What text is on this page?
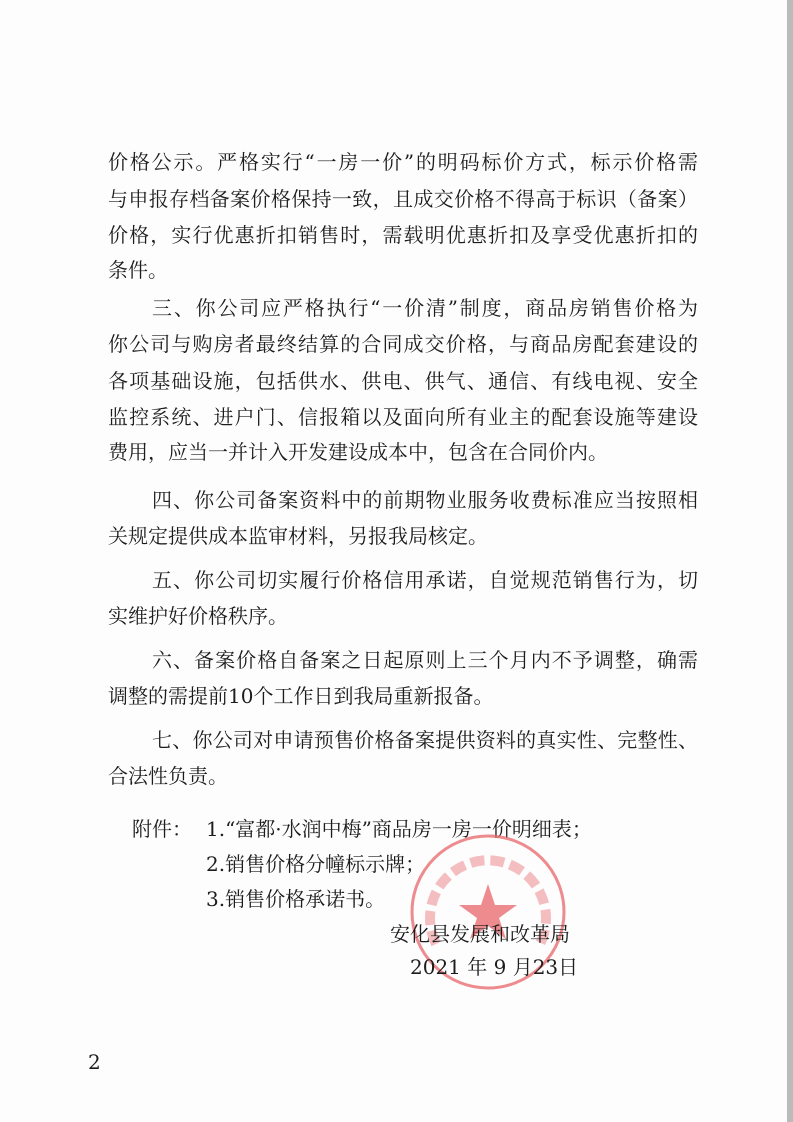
价格公示。严格实行“一房一价”的明码标价方式，标示价格需
与申报存档备案价格保持一致，且成交价格不得高于标识（备案）
价格，实行优惠折扣销售时，需载明优惠折扣及享受优惠折扣的
条件。
三、你公司应严格执行“一价清”制度，商品房销售价格为
你公司与购房者最终结算的合同成交价格，与商品房配套建设的
各项基础设施，包括供水、供电、供气、通信、有线电视、安全
监控系统、进户门、信报箱以及面向所有业主的配套设施等建设
费用，应当一并计入开发建设成本中，包含在合同价内。
四、你公司备案资料中的前期物业服务收费标准应当按照相
关规定提供成本监审材料，另报我局核定。
五、你公司切实履行价格信用承诺，自觉规范销售行为，切
实维护好价格秩序。
六、备案价格自备案之日起原则上三个月内不予调整，确需
调整的需提前10个工作日到我局重新报备。
七、你公司对申请预售价格备案提供资料的真实性、完整性、
合法性负责。
附件： 1.“富都·水润中梅”商品房一房一价明细表；
2.销售价格分幢标示牌；
3.销售价格承诺书。
安化县发展和改革局
2021 年 9 月23日
2
